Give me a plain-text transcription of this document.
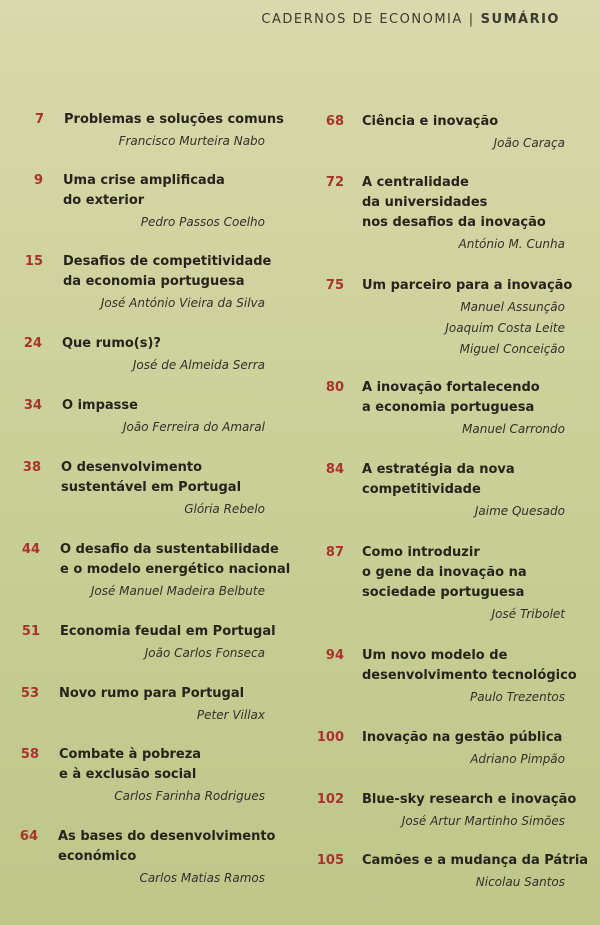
CADERNOS DE ECONOMIA | SUMÁRIO
7 Problemas e soluções comuns
Francisco Murteira Nabo
9 Uma crise amplificada
do exterior
Pedro Passos Coelho
15 Desafios de competitividade
da economia portuguesa
José António Vieira da Silva
24 Que rumo(s)?
José de Almeida Serra
34 O impasse
João Ferreira do Amaral
38 O desenvolvimento
sustentável em Portugal
Glória Rebelo
44 O desafio da sustentabilidade
e o modelo energético nacional
José Manuel Madeira Belbute
51 Economia feudal em Portugal
João Carlos Fonseca
53 Novo rumo para Portugal
Peter Villax
58 Combate à pobreza
e à exclusão social
Carlos Farinha Rodrigues
64 As bases do desenvolvimento
económico
Carlos Matias Ramos
68 Ciência e inovação
João Caraça
72 A centralidade
da universidades
nos desafios da inovação
António M. Cunha
75 Um parceiro para a inovação
Manuel Assunção
Joaquim Costa Leite
Miguel Conceição
80 A inovação fortalecendo
a economia portuguesa
Manuel Carrondo
84 A estratégia da nova
competitividade
Jaime Quesado
87 Como introduzir
o gene da inovação na
sociedade portuguesa
José Tribolet
94 Um novo modelo de
desenvolvimento tecnológico
Paulo Trezentos
100 Inovação na gestão pública
Adriano Pimpão
102 Blue-sky research e inovação
José Artur Martinho Simões
105 Camões e a mudança da Pátria
Nicolau Santos
